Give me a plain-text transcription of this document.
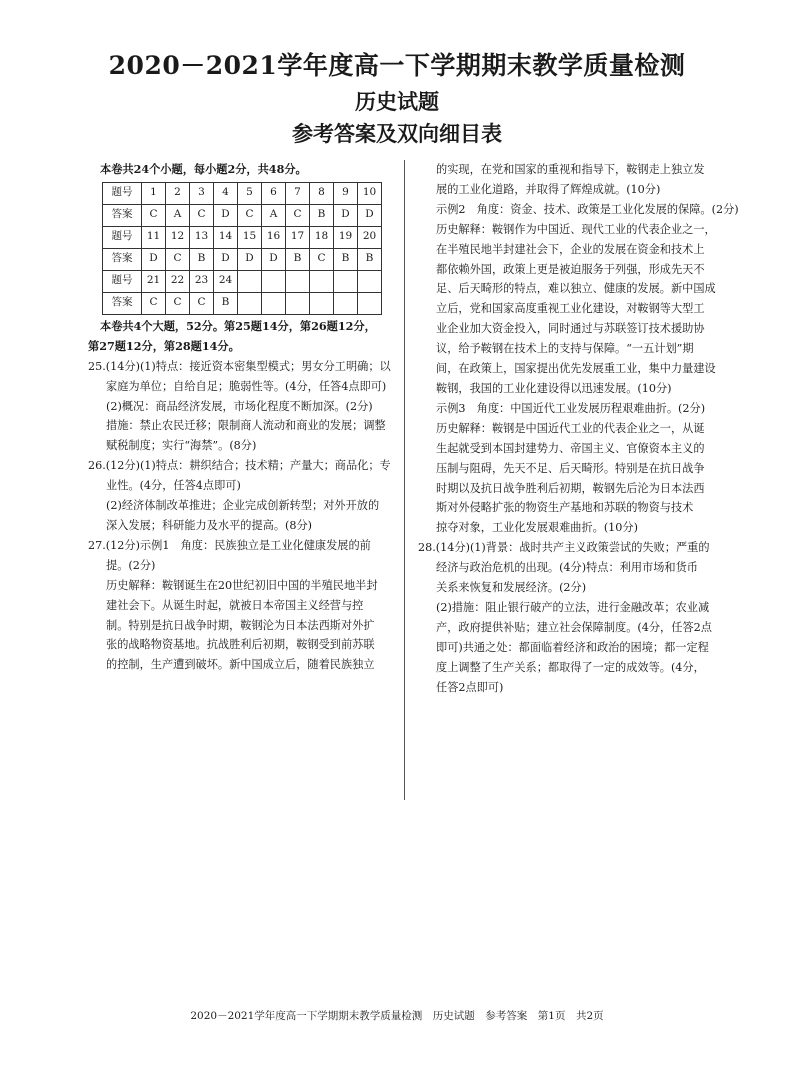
2020－2021学年度高一下学期期末教学质量检测
历史试题
参考答案及双向细目表
本卷共24个小题，每小题2分，共48分。
题号	1	2	3	4	5	6	7	8	9	10
答案	C	A	C	D	C	A	C	B	D	D
题号	11	12	13	14	15	16	17	18	19	20
答案	D	C	B	D	D	D	B	C	B	B
题号	21	22	23	24						
答案	C	C	C	B						
本卷共4个大题，52分。第25题14分，第26题12分，
第27题12分，第28题14分。
25.(14分)(1)特点：接近资本密集型模式；男女分工明确；以
家庭为单位；自给自足；脆弱性等。(4分，任答4点即可)
(2)概况：商品经济发展，市场化程度不断加深。(2分)
措施：禁止农民迁移；限制商人流动和商业的发展；调整
赋税制度；实行“海禁”。(8分)
26.(12分)(1)特点：耕织结合；技术精；产量大；商品化；专
业性。(4分，任答4点即可)
(2)经济体制改革推进；企业完成创新转型；对外开放的
深入发展；科研能力及水平的提高。(8分)
27.(12分)示例1　角度：民族独立是工业化健康发展的前
提。(2分)
历史解释：鞍钢诞生在20世纪初旧中国的半殖民地半封
建社会下。从诞生时起，就被日本帝国主义经营与控
制。特别是抗日战争时期，鞍钢沦为日本法西斯对外扩
张的战略物资基地。抗战胜利后初期，鞍钢受到前苏联
的控制，生产遭到破坏。新中国成立后，随着民族独立
的实现，在党和国家的重视和指导下，鞍钢走上独立发
展的工业化道路，并取得了辉煌成就。(10分)
示例2　角度：资金、技术、政策是工业化发展的保障。(2分)
历史解释：鞍钢作为中国近、现代工业的代表企业之一，
在半殖民地半封建社会下，企业的发展在资金和技术上
都依赖外国，政策上更是被迫服务于列强，形成先天不
足、后天畸形的特点，难以独立、健康的发展。新中国成
立后，党和国家高度重视工业化建设，对鞍钢等大型工
业企业加大资金投入，同时通过与苏联签订技术援助协
议，给予鞍钢在技术上的支持与保障。“一五计划”期
间，在政策上，国家提出优先发展重工业，集中力量建设
鞍钢，我国的工业化建设得以迅速发展。(10分)
示例3　角度：中国近代工业发展历程艰难曲折。(2分)
历史解释：鞍钢是中国近代工业的代表企业之一，从诞
生起就受到本国封建势力、帝国主义、官僚资本主义的
压制与阻碍，先天不足、后天畸形。特别是在抗日战争
时期以及抗日战争胜利后初期，鞍钢先后沦为日本法西
斯对外侵略扩张的物资生产基地和苏联的物资与技术
掠夺对象，工业化发展艰难曲折。(10分)
28.(14分)(1)背景：战时共产主义政策尝试的失败；严重的
经济与政治危机的出现。(4分)特点：利用市场和货币
关系来恢复和发展经济。(2分)
(2)措施：阻止银行破产的立法，进行金融改革；农业减
产，政府提供补贴；建立社会保障制度。(4分，任答2点
即可)共通之处：都面临着经济和政治的困境；都一定程
度上调整了生产关系；都取得了一定的成效等。(4分，
任答2点即可)
2020－2021学年度高一下学期期末教学质量检测　历史试题　参考答案　第1页　共2页
